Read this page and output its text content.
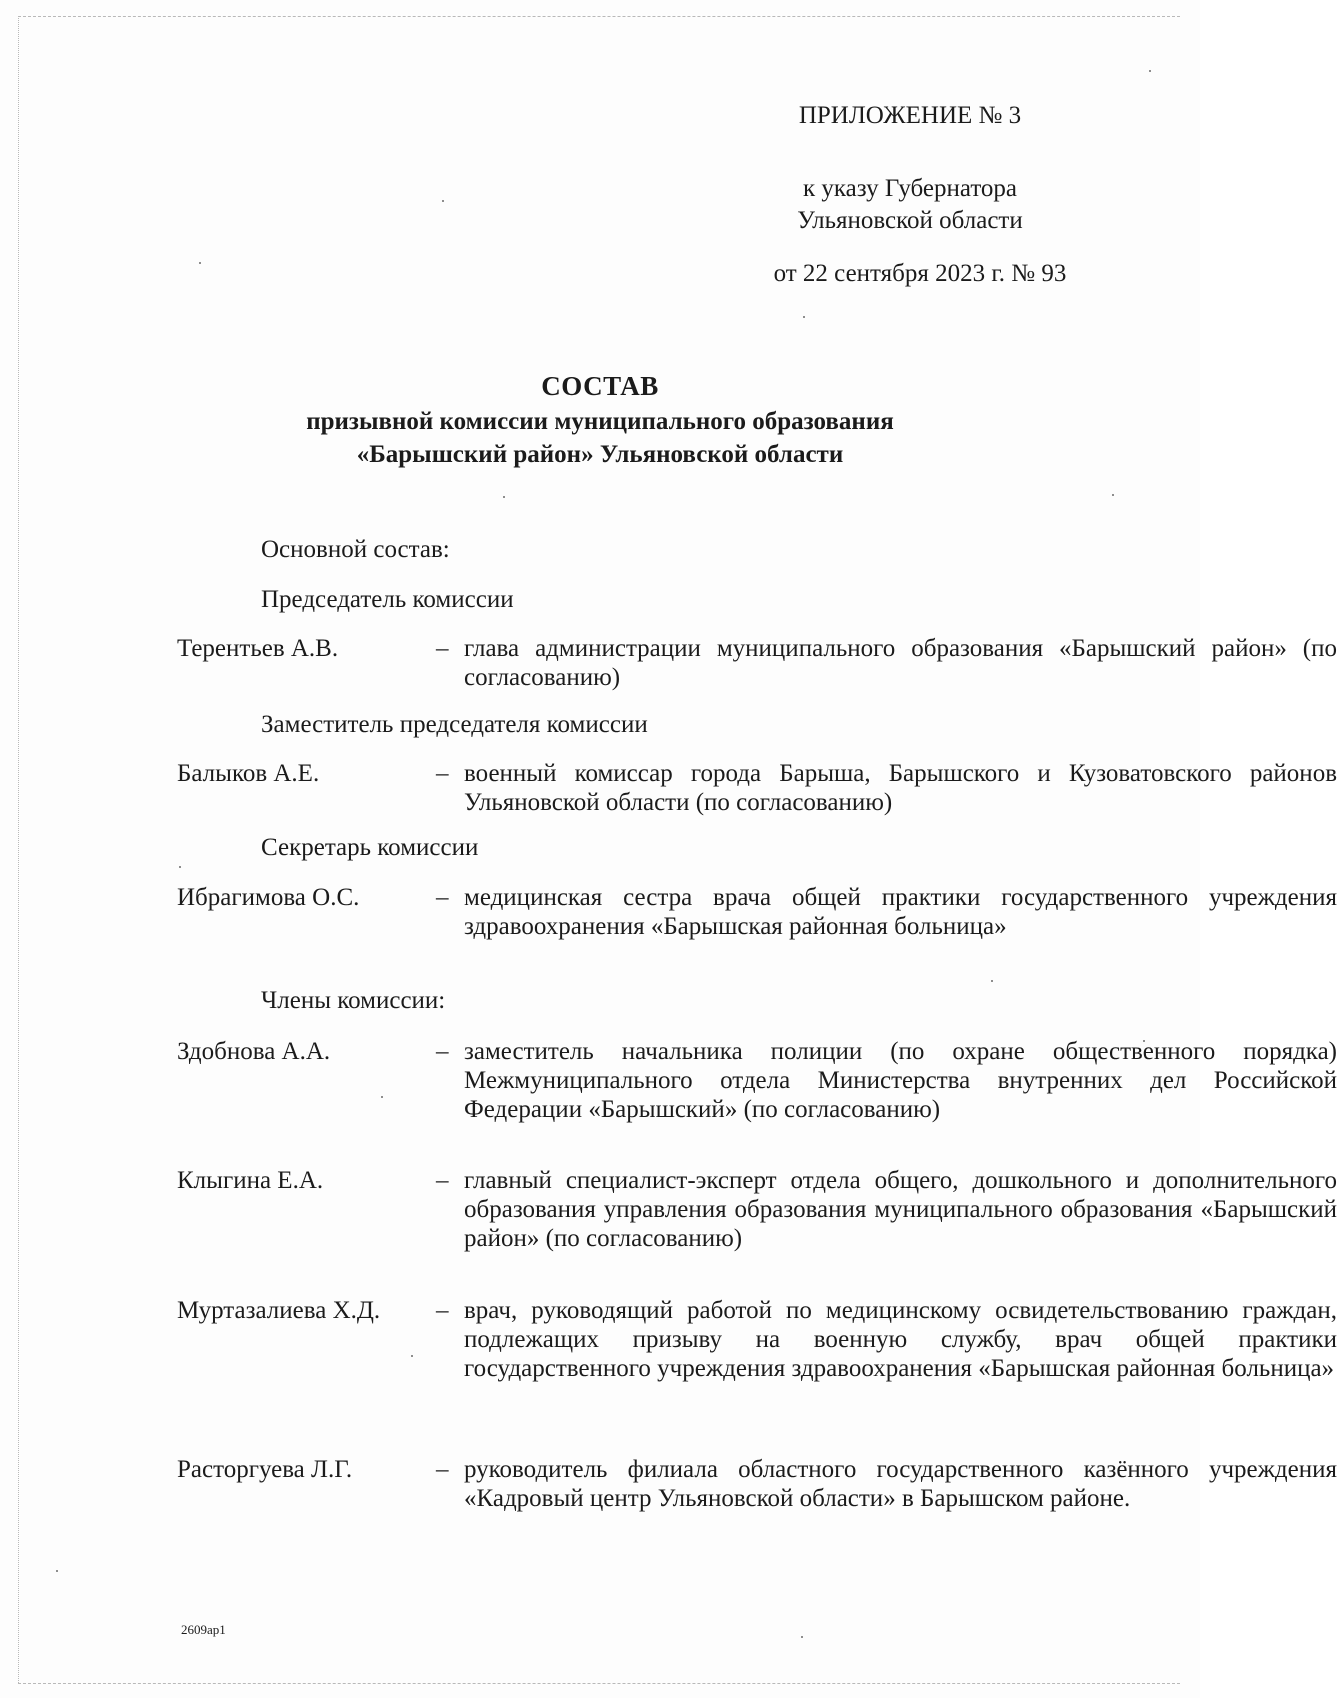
ПРИЛОЖЕНИЕ № 3
к указу Губернатора
Ульяновской области
от 22 сентября 2023 г. № 93
СОСТАВ
призывной комиссии муниципального образования
«Барышский район» Ульяновской области
Основной состав:
Председатель комиссии
Терентьев А.В.	– глава администрации муниципального образования «Барышский район» (по согласованию)
Заместитель председателя комиссии
Балыков А.Е.	– военный комиссар города Барыша, Барышского и Кузоватовского районов Ульяновской области (по согласованию)
Секретарь комиссии
Ибрагимова О.С.	– медицинская сестра врача общей практики государственного учреждения здравоохранения «Барышская районная больница»
Члены комиссии:
Здобнова А.А.	– заместитель начальника полиции (по охране общественного порядка) Межмуниципального отдела Министерства внутренних дел Российской Федерации «Барышский» (по согласованию)
Клыгина Е.А.	– главный специалист-эксперт отдела общего, дошкольного и дополнительного образования управления образования муниципального образования «Барышский район» (по согласованию)
Муртазалиева Х.Д.	– врач, руководящий работой по медицинскому освидетельствованию граждан, подлежащих призыву на военную службу, врач общей практики государственного учреждения здравоохранения «Барышская районная больница»
Расторгуева Л.Г.	– руководитель филиала областного государственного казённого учреждения «Кадровый центр Ульяновской области» в Барышском районе.
2609ap1
